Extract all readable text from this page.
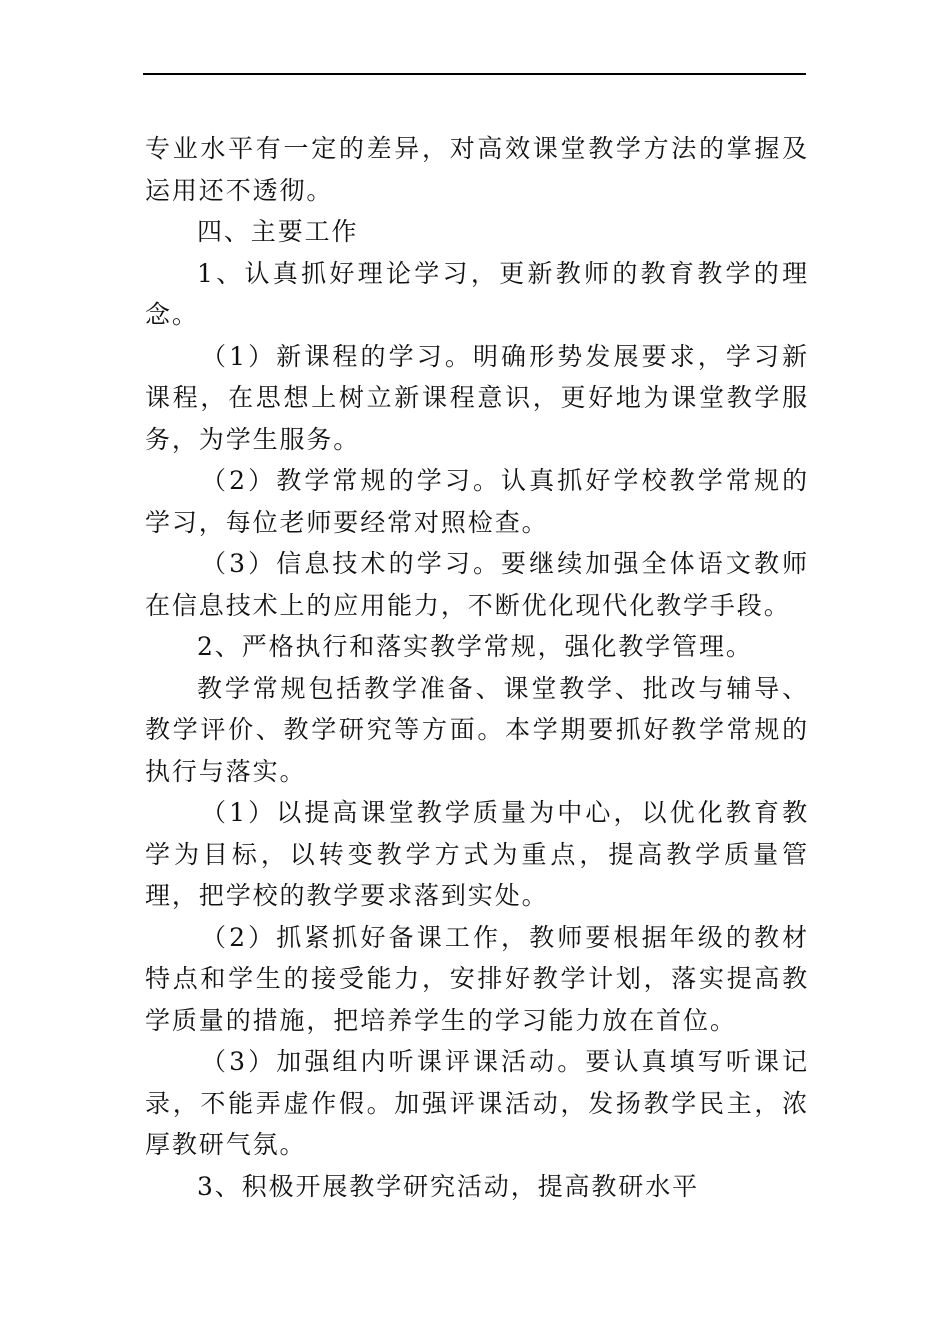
专业水平有一定的差异，对高效课堂教学方法的掌握及运用还不透彻。

四、主要工作

1、认真抓好理论学习，更新教师的教育教学的理念。

（1）新课程的学习。明确形势发展要求，学习新课程，在思想上树立新课程意识，更好地为课堂教学服务，为学生服务。

（2）教学常规的学习。认真抓好学校教学常规的学习，每位老师要经常对照检查。

（3）信息技术的学习。要继续加强全体语文教师在信息技术上的应用能力，不断优化现代化教学手段。

2、严格执行和落实教学常规，强化教学管理。

教学常规包括教学准备、课堂教学、批改与辅导、教学评价、教学研究等方面。本学期要抓好教学常规的执行与落实。

（1）以提高课堂教学质量为中心，以优化教育教学为目标，以转变教学方式为重点，提高教学质量管理，把学校的教学要求落到实处。

（2）抓紧抓好备课工作，教师要根据年级的教材特点和学生的接受能力，安排好教学计划，落实提高教学质量的措施，把培养学生的学习能力放在首位。

（3）加强组内听课评课活动。要认真填写听课记录，不能弄虚作假。加强评课活动，发扬教学民主，浓厚教研气氛。

3、积极开展教学研究活动，提高教研水平
